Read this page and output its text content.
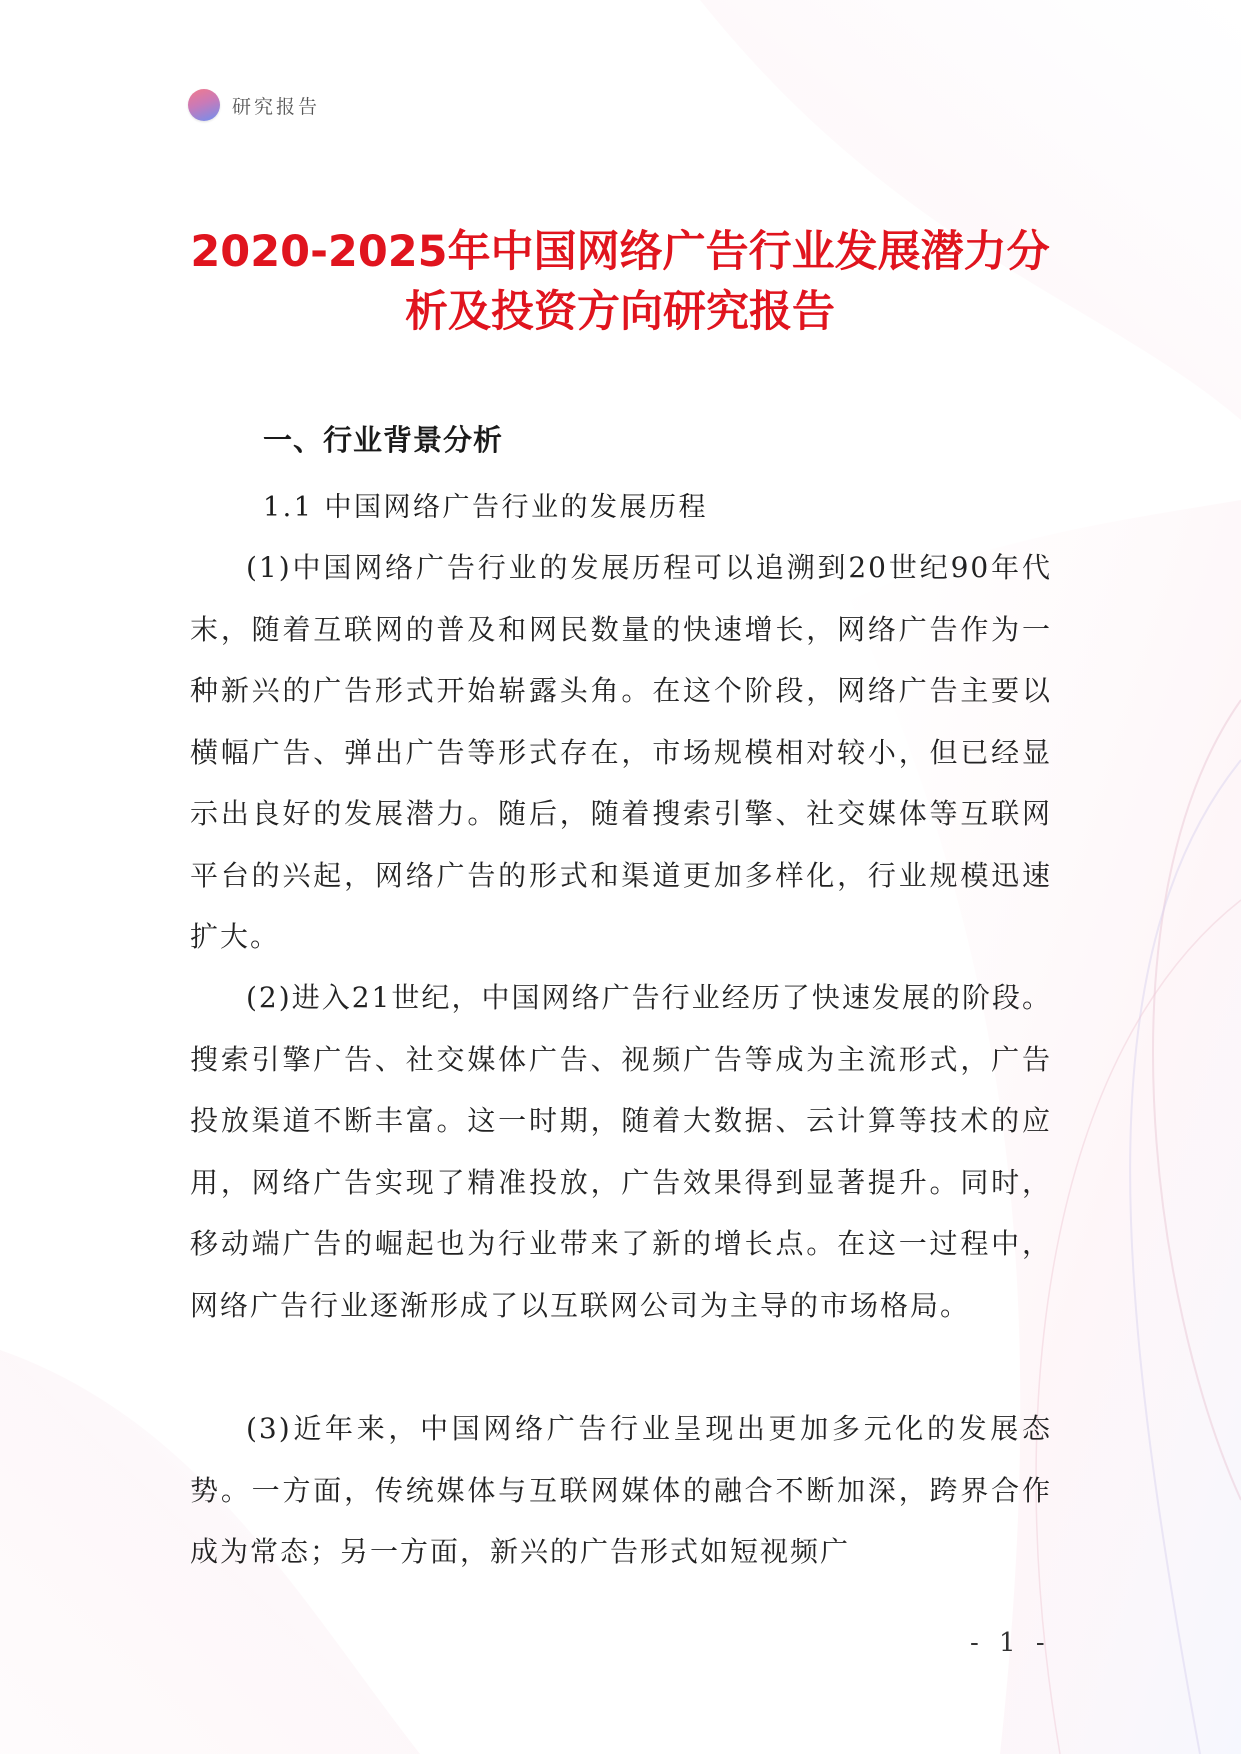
研究报告
2020-2025年中国网络广告行业发展潜力分
析及投资方向研究报告
一、行业背景分析
1.1 中国网络广告行业的发展历程

(1)中国网络广告行业的发展历程可以追溯到20世纪90年代末，随着互联网的普及和网民数量的快速增长，网络广告作为一种新兴的广告形式开始崭露头角。在这个阶段，网络广告主要以横幅广告、弹出广告等形式存在，市场规模相对较小，但已经显示出良好的发展潜力。随后，随着搜索引擎、社交媒体等互联网平台的兴起，网络广告的形式和渠道更加多样化，行业规模迅速扩大。

(2)进入21世纪，中国网络广告行业经历了快速发展的阶段。搜索引擎广告、社交媒体广告、视频广告等成为主流形式，广告投放渠道不断丰富。这一时期，随着大数据、云计算等技术的应用，网络广告实现了精准投放，广告效果得到显著提升。同时，移动端广告的崛起也为行业带来了新的增长点。在这一过程中，网络广告行业逐渐形成了以互联网公司为主导的市场格局。

(3)近年来，中国网络广告行业呈现出更加多元化的发展态势。一方面，传统媒体与互联网媒体的融合不断加深，跨界合作成为常态；另一方面，新兴的广告形式如短视频广

- 1 -
